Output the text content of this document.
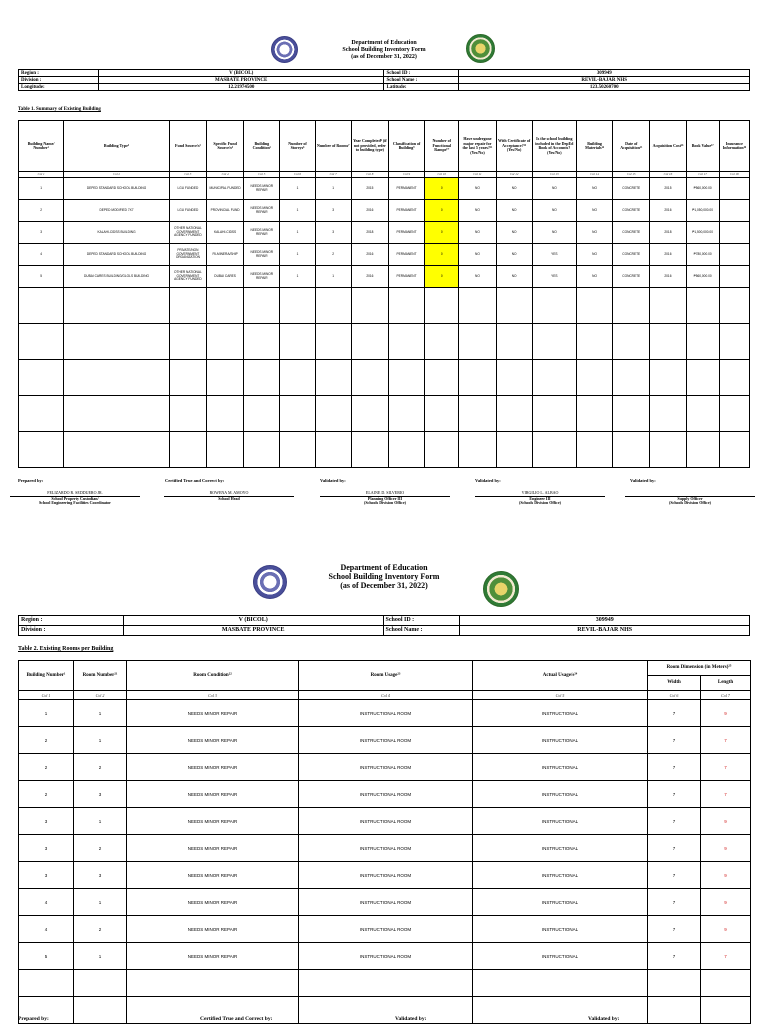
Department of Education
School Building Inventory Form
(as of December 31, 2022)
Region :	V (BICOL)	School ID :	309949
Division :	MASBATE PROVINCE	School Name :	REVIL-BAJAR NHS
Longitude:	12.21974500	Latitude:	123.50260700
Table 1. Summary of Existing Building
Building Name/ Number¹	Building Type²	Fund Source/s³	Specific Fund Source/s⁴	Building Condition⁵	Number of Storeys⁶	Number of Rooms⁷	Year Completed⁸ (if not provided, refer to building type)	Classification of Building⁹	Number of Functional Ramps¹⁰	Have undergone major repair for the last 5 years?¹¹ (Yes/No)	With Certificate of Acceptance?¹² (Yes/No)	Is the school building included in the DepEd Book of Accounts? (Yes/No)	Building Materials¹⁴	Date of Acquisition¹⁵	Acquisition Cost¹⁶	Book Value¹⁷	Insurance Information¹⁸
Col 1	Col 2	Col 3	Col 4	Col 5	Col 6	Col 7	Col 8	Col 9	Col 10	Col 11	Col 12	Col 13	Col 14	Col 15	Col 16	Col 17	Col 18
1	DEPED STANDARD SCHOOL BUILDING	LGU FUNDED	MUNICIPAL FUNDED	NEEDS MINOR REPAIR	1	1	2015	PERMANENT	0	NO	NO	NO	NO	CONCRETE	2015	₱560,000.00	
2	DEPED MODIFIED 7X7	LGU FUNDED	PROVINCIAL FUND	NEEDS MINOR REPAIR	1	3	2016	PERMANENT	0	NO	NO	NO	NO	CONCRETE	2016	₱1,050,000.00	
3	KALAHI-CIDSS BUILDING	OTHER NATIONAL GOVERNMENT AGENCY FUNDED	KALAHI-CIDSS	NEEDS MINOR REPAIR	1	3	2018	PERMANENT	0	NO	NO	NO	NO	CONCRETE	2018	₱1,500,000.00	
4	DEPED STANDARD SCHOOL BUILDING	PRIVATE/NON GOVERNMENT ORGANIZATION	FILMINERA/SHIP	NEEDS MINOR REPAIR	1	2	2016	PERMANENT	0	NO	NO	YES	NO	CONCRETE	2016	₱780,000.00	
5	DUBAI CARES BUILDING/GLOLS BUILDING	OTHER NATIONAL GOVERNMENT AGENCY FUNDED	DUBAI CARES	NEEDS MINOR REPAIR	1	1	2016	PERMANENT	0	NO	NO	YES	NO	CONCRETE	2016	₱560,000.00	

Prepared by:	Certified True and Correct by:	Validated by:	Validated by:	Validated by:
FELIZARDO R. SEDDUERO JR.
School Property Custodian/
School Engineering Facilities Coordinator
ROWENA M. AMOYO
School Head
ELAINE D. SILVERIO
Planning Officer III
(Schools Division Office)
VIRGILIO L. ALBAO
Engineer III
(Schools Division Office)
Supply Officer
(Schools Division Office)
Department of Education
School Building Inventory Form
(as of December 31, 2022)
Region :	V (BICOL)	School ID :	309949
Division :	MASBATE PROVINCE	School Name :	REVIL-BAJAR NHS
Table 2. Existing Rooms per Building
Building Number¹	Room Number²¹	Room Condition²²	Room Usage²³	Actual Usage/s²⁴	Room Dimension (in Meters)²⁵	
					Width	Length
Col 1	Col 2	Col 3	Col 4	Col 5	Col 6	Col 7
1	1	NEEDS MINOR REPAIR	INSTRUCTIONAL ROOM	INSTRUCTIONAL	7	9
2	1	NEEDS MINOR REPAIR	INSTRUCTIONAL ROOM	INSTRUCTIONAL	7	7
2	2	NEEDS MINOR REPAIR	INSTRUCTIONAL ROOM	INSTRUCTIONAL	7	7
2	3	NEEDS MINOR REPAIR	INSTRUCTIONAL ROOM	INSTRUCTIONAL	7	7
3	1	NEEDS MINOR REPAIR	INSTRUCTIONAL ROOM	INSTRUCTIONAL	7	9
3	2	NEEDS MINOR REPAIR	INSTRUCTIONAL ROOM	INSTRUCTIONAL	7	9
3	3	NEEDS MINOR REPAIR	INSTRUCTIONAL ROOM	INSTRUCTIONAL	7	9
4	1	NEEDS MINOR REPAIR	INSTRUCTIONAL ROOM	INSTRUCTIONAL	7	9
4	2	NEEDS MINOR REPAIR	INSTRUCTIONAL ROOM	INSTRUCTIONAL	7	9
5	1	NEEDS MINOR REPAIR	INSTRUCTIONAL ROOM	INSTRUCTIONAL	7	7

Prepared by:	Certified True and Correct by:	Validated by:	Validated by:
